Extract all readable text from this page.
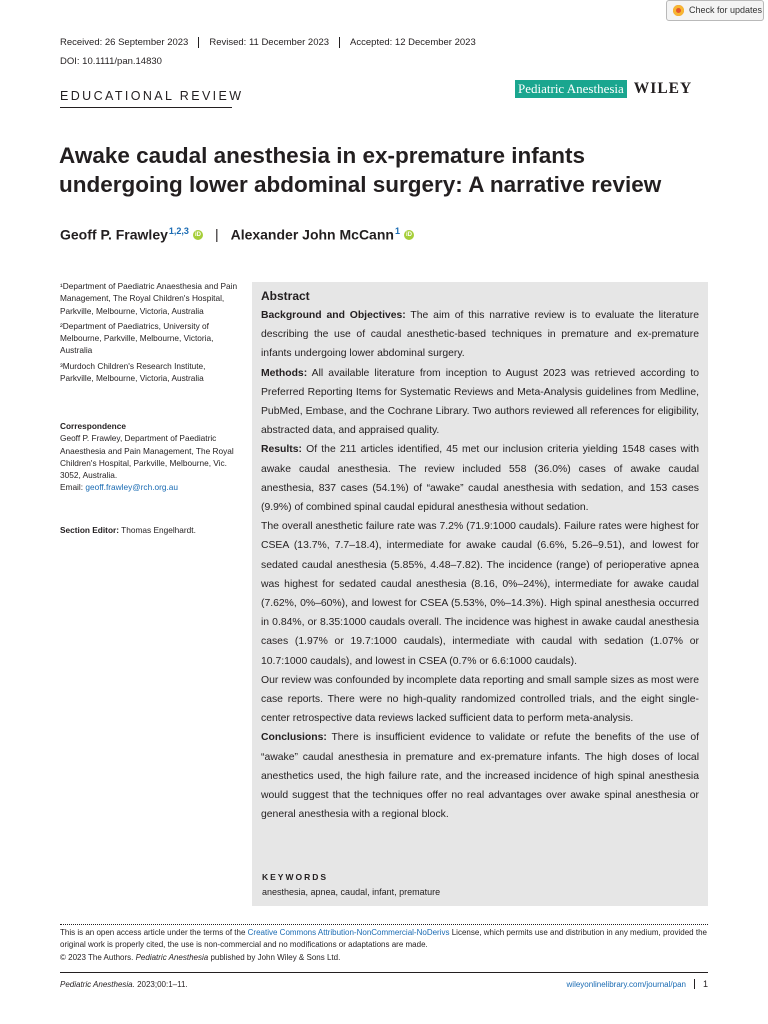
Check for updates
Received: 26 September 2023	Revised: 11 December 2023	Accepted: 12 December 2023
DOI: 10.1111/pan.14830
EDUCATIONAL REVIEW	Pediatric Anesthesia WILEY
Awake caudal anesthesia in ex-premature infants undergoing lower abdominal surgery: A narrative review
Geoff P. Frawley$^{1,2,3}$	iD | Alexander John McCann$^1$	iD
¹Department of Paediatric Anaesthesia and Pain Management, The Royal Children's Hospital, Parkville, Melbourne, Victoria, Australia
²Department of Paediatrics, University of Melbourne, Parkville, Melbourne, Victoria, Australia
³Murdoch Children's Research Institute, Parkville, Melbourne, Victoria, Australia
Correspondence
Geoff P. Frawley, Department of Paediatric Anaesthesia and Pain Management, The Royal Children's Hospital, Parkville, Melbourne, Vic. 3052, Australia.
Email: geoff.frawley@rch.org.au
Section Editor: Thomas Engelhardt.
Abstract

Background and Objectives: The aim of this narrative review is to evaluate the literature describing the use of caudal anesthetic-based techniques in premature and ex-premature infants undergoing lower abdominal surgery.

Methods: All available literature from inception to August 2023 was retrieved according to Preferred Reporting Items for Systematic Reviews and Meta-Analysis guidelines from Medline, PubMed, Embase, and the Cochrane Library. Two authors reviewed all references for eligibility, abstracted data, and appraised quality.

Results: Of the 211 articles identified, 45 met our inclusion criteria yielding 1548 cases with awake caudal anesthesia. The review included 558 (36.0%) cases of awake caudal anesthesia, 837 cases (54.1%) of “awake” caudal anesthesia with sedation, and 153 cases (9.9%) of combined spinal caudal epidural anesthesia without sedation.

The overall anesthetic failure rate was 7.2% (71.9:1000 caudals). Failure rates were highest for CSEA (13.7%, 7.7–18.4), intermediate for awake caudal (6.6%, 5.26–9.51), and lowest for sedated caudal anesthesia (5.85%, 4.48–7.82). The incidence (range) of perioperative apnea was highest for sedated caudal anesthesia (8.16, 0%–24%), intermediate for awake caudal (7.62%, 0%–60%), and lowest for CSEA (5.53%, 0%–14.3%). High spinal anesthesia occurred in 0.84%, or 8.35:1000 caudals overall. The incidence was highest in awake caudal anesthesia cases (1.97% or 19.7:1000 caudals), intermediate with caudal with sedation (1.07% or 10.7:1000 caudals), and lowest in CSEA (0.7% or 6.6:1000 caudals).

Our review was confounded by incomplete data reporting and small sample sizes as most were case reports. There were no high-quality randomized controlled trials, and the eight single-center retrospective data reviews lacked sufficient data to perform meta-analysis.

Conclusions: There is insufficient evidence to validate or refute the benefits of the use of “awake” caudal anesthesia in premature and ex-premature infants. The high doses of local anesthetics used, the high failure rate, and the increased incidence of high spinal anesthesia would suggest that the techniques offer no real advantages over awake spinal anesthesia or general anesthesia with a regional block.

KEYWORDS
anesthesia, apnea, caudal, infant, premature
This is an open access article under the terms of the Creative Commons Attribution-NonCommercial-NoDerivs License, which permits use and distribution in any medium, provided the original work is properly cited, the use is non-commercial and no modifications or adaptations are made.
© 2023 The Authors. Pediatric Anesthesia published by John Wiley & Sons Ltd.
Pediatric Anesthesia. 2023;00:1–11.	wileyonlinelibrary.com/journal/pan	1
